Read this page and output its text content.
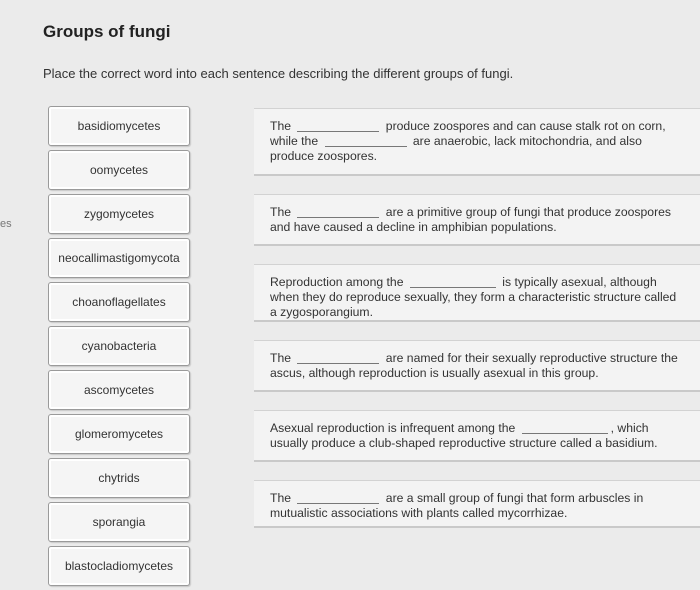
es
Groups of fungi
Place the correct word into each sentence describing the different groups of fungi.
basidiomycetes
oomycetes
zygomycetes
neocallimastigomycota
choanoflagellates
cyanobacteria
ascomycetes
glomeromycetes
chytrids
sporangia
blastocladiomycetes
The	produce zoospores and can cause stalk rot on corn, while the	are anaerobic, lack mitochondria, and also produce zoospores.
The	are a primitive group of fungi that produce zoospores and have caused a decline in amphibian populations.
Reproduction among the	is typically asexual, although when they do reproduce sexually, they form a characteristic structure called a zygosporangium.
The	are named for their sexually reproductive structure the ascus, although reproduction is usually asexual in this group.
Asexual reproduction is infrequent among the	, which usually produce a club-shaped reproductive structure called a basidium.
The	are a small group of fungi that form arbuscles in mutualistic associations with plants called mycorrhizae.
